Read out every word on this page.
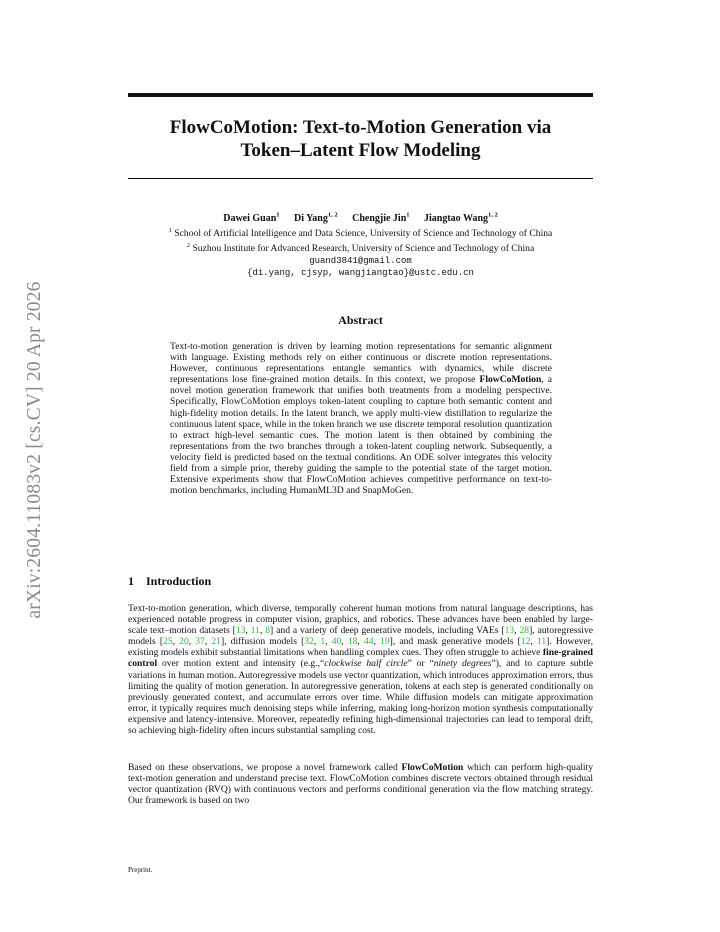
arXiv:2604.11083v2 [cs.CV] 20 Apr 2026
FlowCoMotion: Text-to-Motion Generation via
Token–Latent Flow Modeling
Dawei Guan$^1$ Di Yang$^{1, 2}$ Chengjie Jin$^1$ Jiangtao Wang$^{1, 2}$
$^1$ School of Artificial Intelligence and Data Science, University of Science and Technology of China
$^2$ Suzhou Institute for Advanced Research, University of Science and Technology of China
guand3841@gmail.com
{di.yang, cjsyp, wangjiangtao}@ustc.edu.cn
Abstract
Text-to-motion generation is driven by learning motion representations for semantic alignment with language. Existing methods rely on either continuous or discrete motion representations. However, continuous representations entangle semantics with dynamics, while discrete representations lose fine-grained motion details. In this context, we propose FlowCoMotion, a novel motion generation framework that unifies both treatments from a modeling perspective. Specifically, FlowCoMotion employs token-latent coupling to capture both semantic content and high-fidelity motion details. In the latent branch, we apply multi-view distillation to regularize the continuous latent space, while in the token branch we use discrete temporal resolution quantization to extract high-level semantic cues. The motion latent is then obtained by combining the representations from the two branches through a token-latent coupling network. Subsequently, a velocity field is predicted based on the textual conditions. An ODE solver integrates this velocity field from a simple prior, thereby guiding the sample to the potential state of the target motion. Extensive experiments show that FlowCoMotion achieves competitive performance on text-to-motion benchmarks, including HumanML3D and SnapMoGen.
1 Introduction
Text-to-motion generation, which diverse, temporally coherent human motions from natural language descriptions, has experienced notable progress in computer vision, graphics, and robotics. These advances have been enabled by large-scale text–motion datasets [13, 11, 8] and a variety of deep generative models, including VAEs [13, 28], autoregressive models [25, 20, 37, 21], diffusion models [32, 1, 40, 18, 44, 19], and mask generative models [12, 11]. However, existing models exhibit substantial limitations when handling complex cues. They often struggle to achieve fine-grained control over motion extent and intensity (e.g.,“clockwise half circle” or “ninety degrees”), and to capture subtle variations in human motion. Autoregressive models use vector quantization, which introduces approximation errors, thus limiting the quality of motion generation. In autoregressive generation, tokens at each step is generated conditionally on previously generated context, and accumulate errors over time. While diffusion models can mitigate approximation error, it typically requires much denoising steps while inferring, making long-horizon motion synthesis computationally expensive and latency-intensive. Moreover, repeatedly refining high-dimensional trajectories can lead to temporal drift, so achieving high-fidelity often incurs substantial sampling cost.
Based on these observations, we propose a novel framework called FlowCoMotion which can perform high-quality text-motion generation and understand precise text. FlowCoMotion combines discrete vectors obtained through residual vector quantization (RVQ) with continuous vectors and performs conditional generation via the flow matching strategy. Our framework is based on two
Preprint.
